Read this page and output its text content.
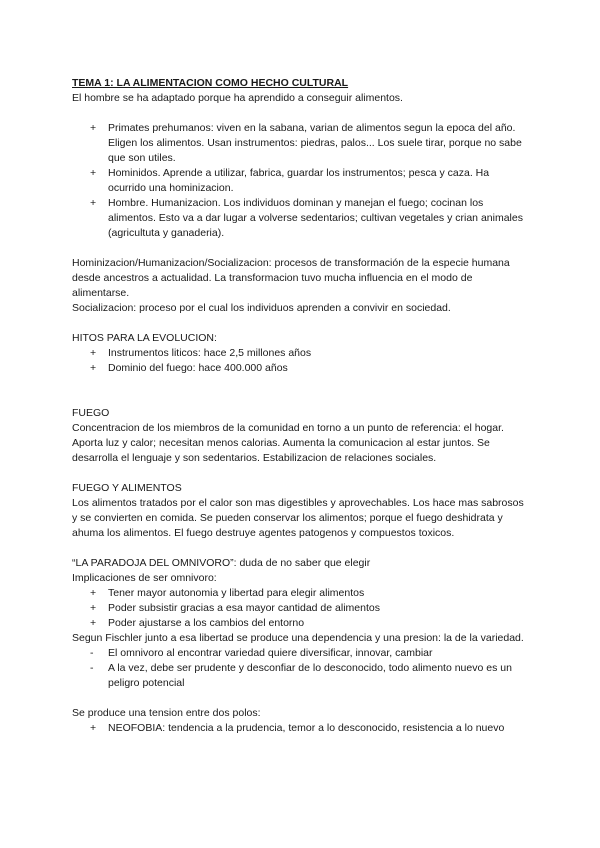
TEMA 1: LA ALIMENTACION COMO HECHO CULTURAL

El hombre se ha adaptado porque ha aprendido a conseguir alimentos.

+ Primates prehumanos: viven en la sabana, varian de alimentos segun la epoca del año. Eligen los alimentos. Usan instrumentos: piedras, palos... Los suele tirar, porque no sabe que son utiles.
+ Hominidos. Aprende a utilizar, fabrica, guardar los instrumentos; pesca y caza. Ha ocurrido una hominizacion.
+ Hombre. Humanizacion. Los individuos dominan y manejan el fuego; cocinan los alimentos. Esto va a dar lugar a volverse sedentarios; cultivan vegetales y crian animales (agricultuta y ganaderia).

Hominizacion/Humanizacion/Socializacion: procesos de transformación de la especie humana desde ancestros a actualidad. La transformacion tuvo mucha influencia en el modo de alimentarse.

Socializacion: proceso por el cual los individuos aprenden a convivir en sociedad.

HITOS PARA LA EVOLUCION:

+ Instrumentos liticos: hace 2,5 millones años
+ Dominio del fuego: hace 400.000 años

FUEGO

Concentracion de los miembros de la comunidad en torno a un punto de referencia: el hogar. Aporta luz y calor; necesitan menos calorias. Aumenta la comunicacion al estar juntos. Se desarrolla el lenguaje y son sedentarios. Estabilizacion de relaciones sociales.

FUEGO Y ALIMENTOS

Los alimentos tratados por el calor son mas digestibles y aprovechables. Los hace mas sabrosos y se convierten en comida. Se pueden conservar los alimentos; porque el fuego deshidrata y ahuma los alimentos. El fuego destruye agentes patogenos y compuestos toxicos.

“LA PARADOJA DEL OMNIVORO”: duda de no saber que elegir

Implicaciones de ser omnivoro:

+ Tener mayor autonomia y libertad para elegir alimentos
+ Poder subsistir gracias a esa mayor cantidad de alimentos
+ Poder ajustarse a los cambios del entorno

Segun Fischler junto a esa libertad se produce una dependencia y una presion: la de la variedad.

- El omnivoro al encontrar variedad quiere diversificar, innovar, cambiar
- A la vez, debe ser prudente y desconfiar de lo desconocido, todo alimento nuevo es un peligro potencial

Se produce una tension entre dos polos:

+ NEOFOBIA: tendencia a la prudencia, temor a lo desconocido, resistencia a lo nuevo
